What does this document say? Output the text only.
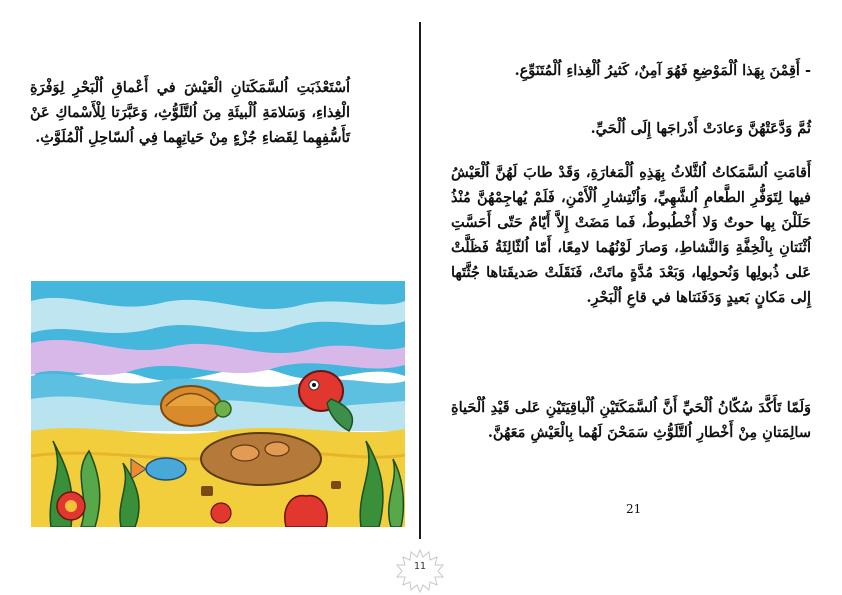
اُسْتَعْذَبَتِ اُلسَّمَكَتانِ الْعَيْشَ في أَعْماقِ اُلْبَحْرِ لِوَفْرَةِ الْغِذاءِ، وَسَلامَةِ اُلْبيئَةِ مِنَ اُلتَّلَوُّثِ، وَعَبَّرَتا لِلْأَسْماكِ عَنْ تَأَسُّفِهِما لِقَضاءِ جُزْءٍ مِنْ حَياتِهِما فِي اُلسّاحِلِ اُلْمُلَوَّثِ.

- أَقِمْنَ بِهَذا اُلْمَوْضِعِ فَهُوَ آمِنٌ، كَثيرُ اُلْغِذاءِ اُلْمُتَنَوِّعِ.

ثُمَّ وَدَّعَتْهُنَّ وَعادَتْ أَدْراجَها إِلَى اُلْحَيِّ.

أَقامَتِ اُلسَّمَكاتُ اُلثَّلاثُ بِهَذِهِ اُلْمَغارَةِ، وَقَدْ طابَ لَهُنَّ اُلْعَيْشُ فيها لِتَوَفُّرِ الطَّعامِ اُلشَّهِيِّ، وَاُنْتِشارِ اُلْأَمْنِ، فَلَمْ يُهاجِمْهُنَّ مُنْذُ حَلَلْنَ بِها حوتٌ وَلا أُخْطُبوطٌ، فَما مَضَتْ إِلاَّ أَيّامٌ حَتّى أَحَسَّتِ اُثْنَتانِ بِالْخِفَّةِ وَالنَّشاطِ، وَصارَ لَوْنُهُما لامِعًا، أَمّا اُلثّالِثَةُ فَظَلَّتْ عَلى ذُبولِها وَنُحولِها، وَبَعْدَ مُدَّةٍ ماتَتْ، فَنَقَلَتْ صَديقَتاها جُثَّتَها إِلى مَكانٍ بَعيدٍ وَدَفَنَتاها في قاعِ اُلْبَحْرِ.

وَلَمّا تَأَكَّدَ سُكّانُ اُلْحَيِّ أَنَّ اُلسَّمَكَتَيْنِ اُلْباقِيَتَيْنِ عَلى قَيْدِ اُلْحَياةِ سالِمَتانِ مِنْ أَخْطارِ اُلتَّلَوُّثِ سَمَحْنَ لَهُما بِالْعَيْشِ مَعَهُنَّ.

21
11
